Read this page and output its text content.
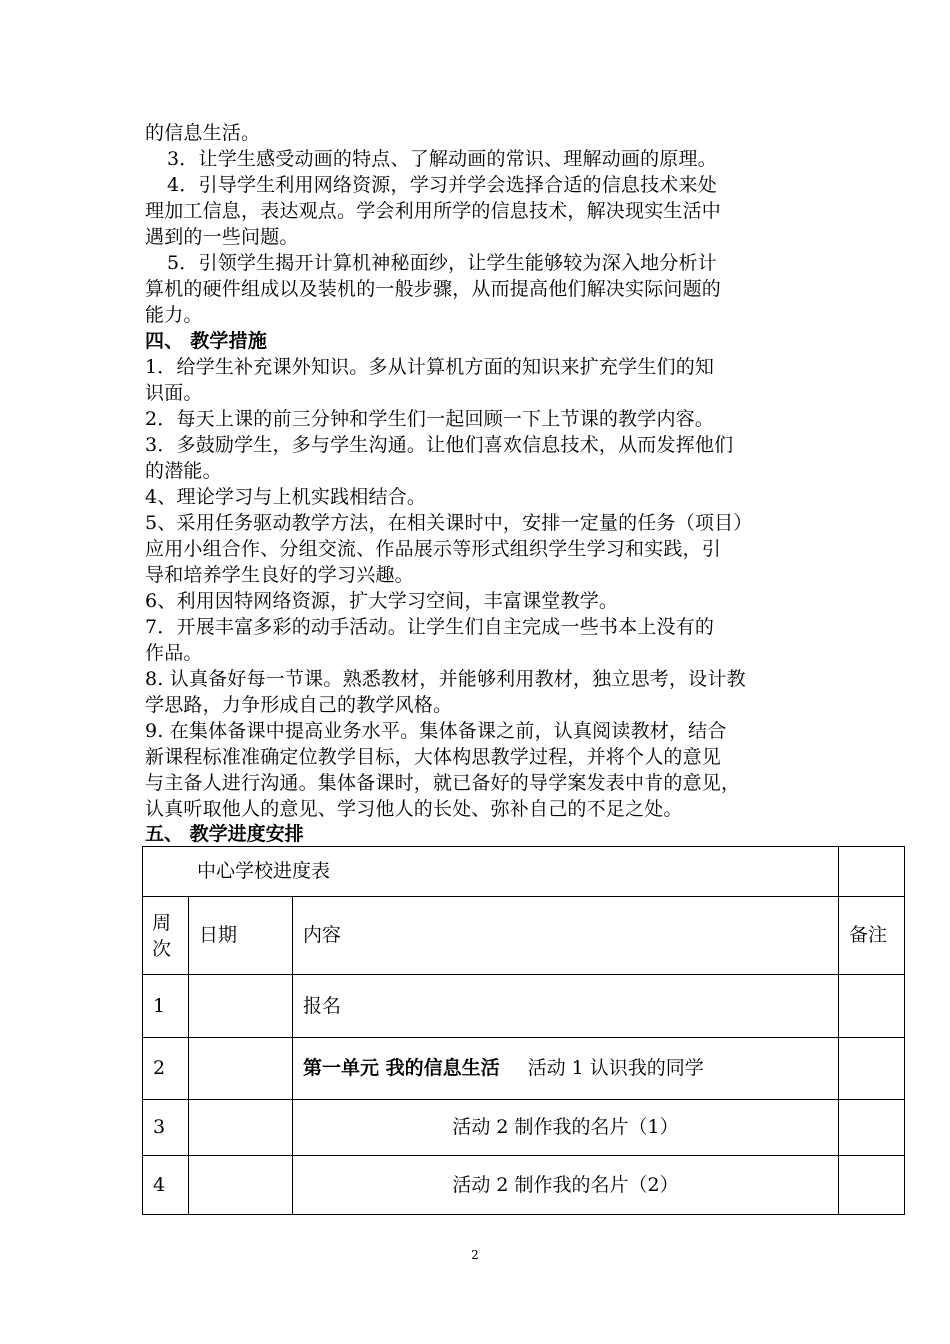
的信息生活。

3．让学生感受动画的特点、了解动画的常识、理解动画的原理。

4．引导学生利用网络资源，学习并学会选择合适的信息技术来处

理加工信息，表达观点。学会利用所学的信息技术，解决现实生活中

遇到的一些问题。

5．引领学生揭开计算机神秘面纱，让学生能够较为深入地分析计

算机的硬件组成以及装机的一般步骤，从而提高他们解决实际问题的

能力。

四、 教学措施

1．给学生补充课外知识。多从计算机方面的知识来扩充学生们的知

识面。

2．每天上课的前三分钟和学生们一起回顾一下上节课的教学内容。

3．多鼓励学生，多与学生沟通。让他们喜欢信息技术，从而发挥他们

的潜能。

4、理论学习与上机实践相结合。

5、采用任务驱动教学方法，在相关课时中，安排一定量的任务（项目）

应用小组合作、分组交流、作品展示等形式组织学生学习和实践，引

导和培养学生良好的学习兴趣。

6、利用因特网络资源，扩大学习空间，丰富课堂教学。

7．开展丰富多彩的动手活动。让学生们自主完成一些书本上没有的

作品。

8. 认真备好每一节课。熟悉教材，并能够利用教材，独立思考，设计教

学思路，力争形成自己的教学风格。

9. 在集体备课中提高业务水平。集体备课之前，认真阅读教材，结合

新课程标准准确定位教学目标，大体构思教学过程，并将个人的意见

与主备人进行沟通。集体备课时，就已备好的导学案发表中肯的意见，

认真听取他人的意见、学习他人的长处、弥补自己的不足之处。

五、 教学进度安排
中心学校进度表			
周
次	日期	内容	备注
1		报名	
2		第一单元 我的信息生活 活动 1 认识我的同学	
3		活动 2 制作我的名片（1）	
4		活动 2 制作我的名片（2）	
2
